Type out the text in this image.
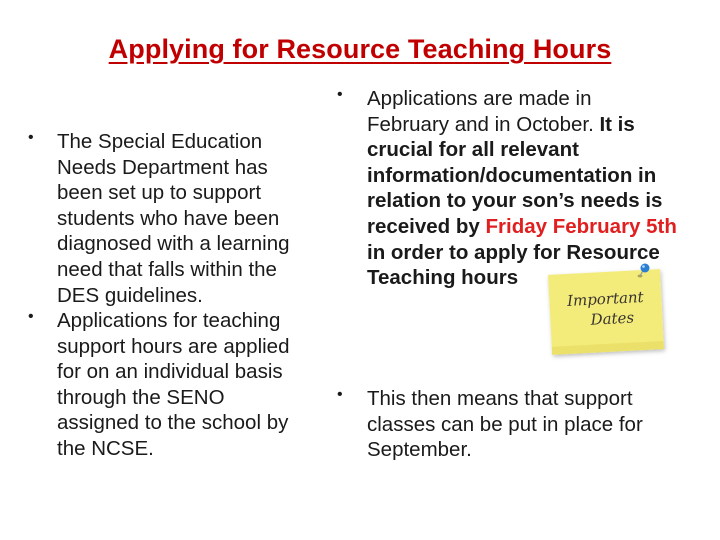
Applying for Resource Teaching Hours
• The Special Education
Needs Department has
been set up to support
students who have been
diagnosed with a learning
need that falls within the
DES guidelines.
• Applications for teaching
support hours are applied
for on an individual basis
through the SENO
assigned to the school by
the NCSE.
• Applications are made in
February and in October. It is
crucial for all relevant
information/documentation in
relation to your son’s needs is
received by Friday February 5th
in order to apply for Resource
Teaching hours
• This then means that support
classes can be put in place for
September.
Important
Dates
